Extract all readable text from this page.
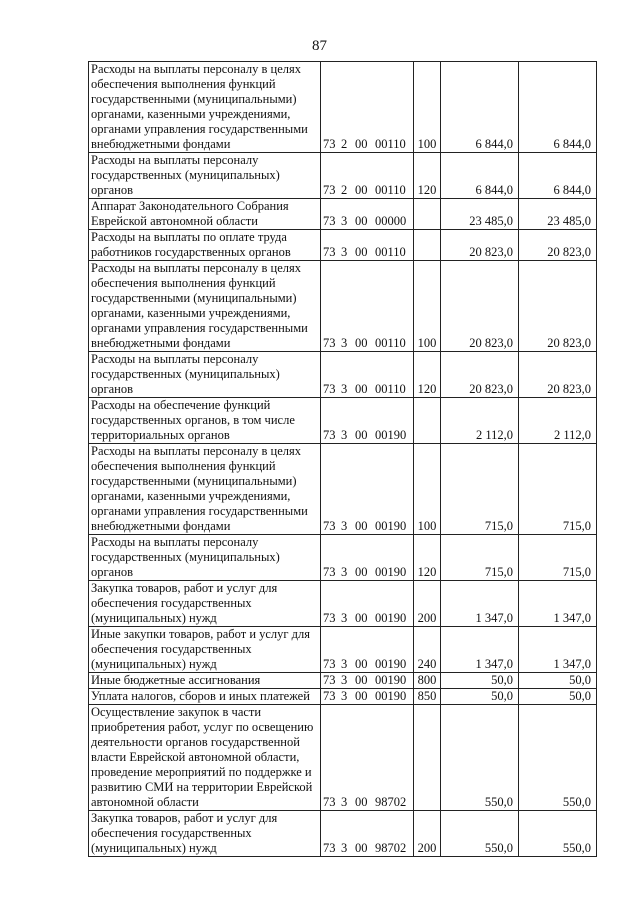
87
Расходы на выплаты персоналу в целях обеспечения выполнения функций государственными (муниципальными) органами, казенными учреждениями, органами управления государственными внебюджетными фондами	73 2 00 00110	100	6 844,0	6 844,0
Расходы на выплаты персоналу государственных (муниципальных) органов	73 2 00 00110	120	6 844,0	6 844,0
Аппарат Законодательного Собрания Еврейской автономной области	73 3 00 00000		23 485,0	23 485,0
Расходы на выплаты по оплате труда работников государственных органов	73 3 00 00110		20 823,0	20 823,0
Расходы на выплаты персоналу в целях обеспечения выполнения функций государственными (муниципальными) органами, казенными учреждениями, органами управления государственными внебюджетными фондами	73 3 00 00110	100	20 823,0	20 823,0
Расходы на выплаты персоналу государственных (муниципальных) органов	73 3 00 00110	120	20 823,0	20 823,0
Расходы на обеспечение функций государственных органов, в том числе территориальных органов	73 3 00 00190		2 112,0	2 112,0
Расходы на выплаты персоналу в целях обеспечения выполнения функций государственными (муниципальными) органами, казенными учреждениями, органами управления государственными внебюджетными фондами	73 3 00 00190	100	715,0	715,0
Расходы на выплаты персоналу государственных (муниципальных) органов	73 3 00 00190	120	715,0	715,0
Закупка товаров, работ и услуг для обеспечения государственных (муниципальных) нужд	73 3 00 00190	200	1 347,0	1 347,0
Иные закупки товаров, работ и услуг для обеспечения государственных (муниципальных) нужд	73 3 00 00190	240	1 347,0	1 347,0
Иные бюджетные ассигнования	73 3 00 00190	800	50,0	50,0
Уплата налогов, сборов и иных платежей	73 3 00 00190	850	50,0	50,0
Осуществление закупок в части приобретения работ, услуг по освещению деятельности органов государственной власти Еврейской автономной области, проведение мероприятий по поддержке и развитию СМИ на территории Еврейской автономной области	73 3 00 98702		550,0	550,0
Закупка товаров, работ и услуг для обеспечения государственных (муниципальных) нужд	73 3 00 98702	200	550,0	550,0
